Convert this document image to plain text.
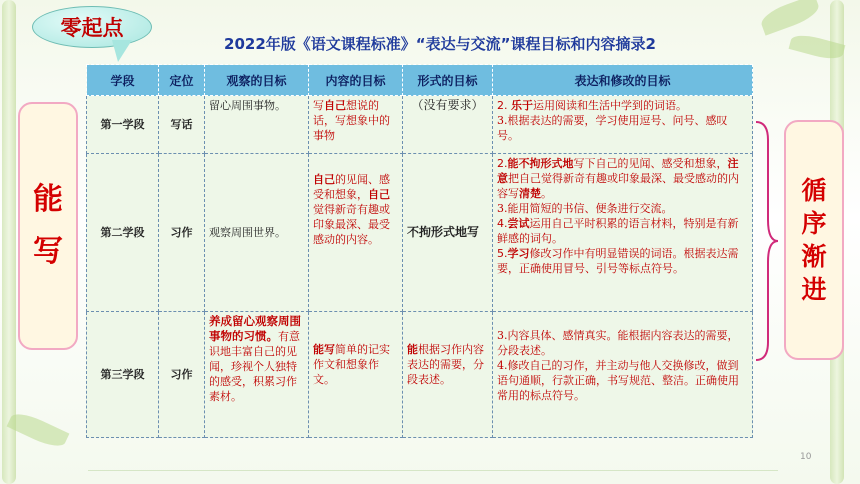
零起点
2022年版《语文课程标准》“表达与交流”课程目标和内容摘录2
能
写
循
序
渐
进
学段	定位	观察的目标	内容的目标	形式的目标	表达和修改的目标
第一学段	写话	留心周围事物。	写自己想说的话，写想象中的事物	（没有要求）	2. 乐于运用阅读和生活中学到的词语。
3.根据表达的需要，学习使用逗号、问号、感叹号。

第二学段	习作	观察周围世界。	自己的见闻、感受和想象，自己觉得新奇有趣或印象最深、最受感动的内容。	不拘形式地写	2.能不拘形式地写下自己的见闻、感受和想象，注意把自己觉得新奇有趣或印象最深、最受感动的内容写清楚。
3.能用简短的书信、便条进行交流。
4.尝试运用自己平时积累的语言材料，特别是有新鲜感的词句。
5.学习修改习作中有明显错误的词语。根据表达需要，正确使用冒号、引号等标点符号。

第三学段	习作	养成留心观察周围事物的习惯。有意识地丰富自己的见闻，珍视个人独特的感受，积累习作素材。	能写简单的记实作文和想象作文。	能根据习作内容表达的需要，分段表述。	3.内容具体、感情真实。能根据内容表达的需要，分段表述。
4.修改自己的习作，并主动与他人交换修改，做到语句通顺，行款正确，书写规范、整洁。正确使用常用的标点符号。
10
